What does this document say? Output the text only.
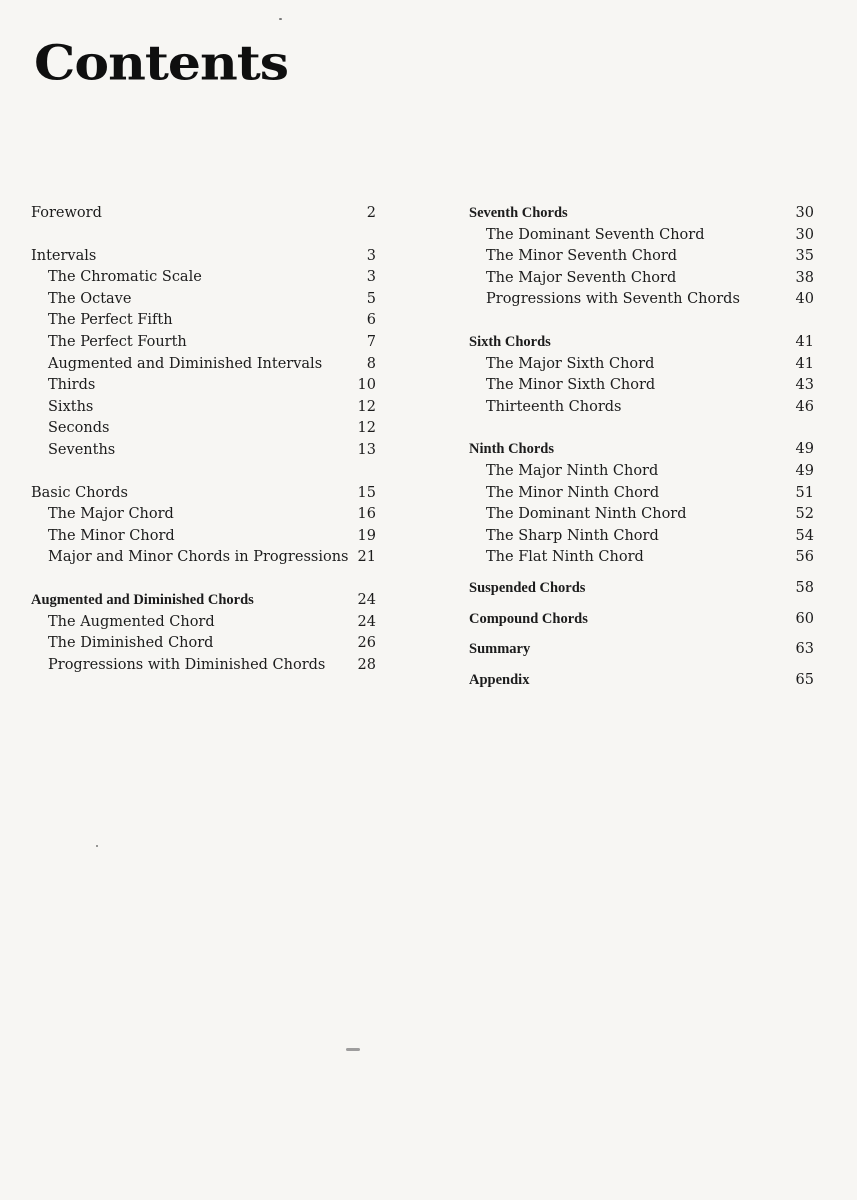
Contents
Foreword	2
Intervals	3
The Chromatic Scale	3
The Octave	5
The Perfect Fifth	6
The Perfect Fourth	7
Augmented and Diminished Intervals	8
Thirds	10
Sixths	12
Seconds	12
Sevenths	13
Basic Chords	15
The Major Chord	16
The Minor Chord	19
Major and Minor Chords in Progressions 21
Augmented and Diminished Chords	24
The Augmented Chord	24
The Diminished Chord	26
Progressions with Diminished Chords 28
Seventh Chords	30
The Dominant Seventh Chord	30
The Minor Seventh Chord	35
The Major Seventh Chord	38
Progressions with Seventh Chords	40
Sixth Chords	41
The Major Sixth Chord	41
The Minor Sixth Chord	43
Thirteenth Chords	46
Ninth Chords	49
The Major Ninth Chord	49
The Minor Ninth Chord	51
The Dominant Ninth Chord	52
The Sharp Ninth Chord	54
The Flat Ninth Chord	56
Suspended Chords	58
Compound Chords	60
Summary	63
Appendix	65
